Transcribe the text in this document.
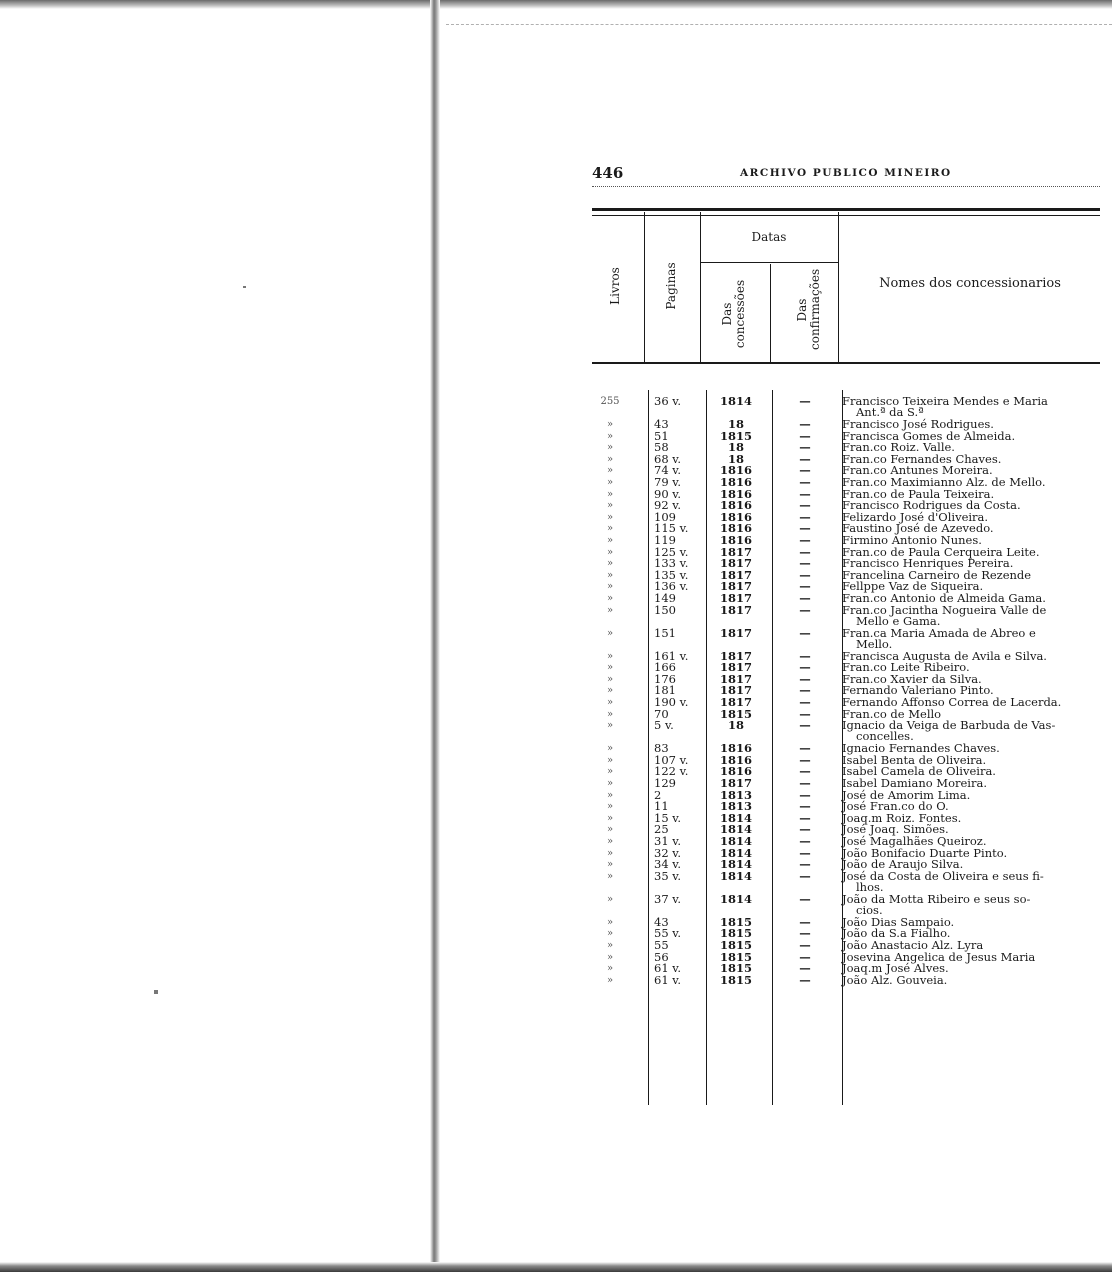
446	ARCHIVO PUBLICO MINEIRO
Livros	Paginas
Datas
Das concessões	Das confirmações	Nomes dos concessionarios
255	36 v.	1814	—	Francisco Teixeira Mendes e Maria
Ant.ª da S.ª
»	43	18	—	Francisco José Rodrigues.
»	51	1815	—	Francisca Gomes de Almeida.
»	58	18	—	Fran.co Roiz. Valle.
»	68 v.	18	—	Fran.co Fernandes Chaves.
»	74 v.	1816	—	Fran.co Antunes Moreira.
»	79 v.	1816	—	Fran.co Maximianno Alz. de Mello.
»	90 v.	1816	—	Fran.co de Paula Teixeira.
»	92 v.	1816	—	Francisco Rodrigues da Costa.
»	109	1816	—	Felizardo José d'Oliveira.
»	115 v.	1816	—	Faustino José de Azevedo.
»	119	1816	—	Firmino Antonio Nunes.
»	125 v.	1817	—	Fran.co de Paula Cerqueira Leite.
»	133 v.	1817	—	Francisco Henriques Pereira.
»	135 v.	1817	—	Francelina Carneiro de Rezende
»	136 v.	1817	—	Fellppe Vaz de Siqueira.
»	149	1817	—	Fran.co Antonio de Almeida Gama.
»	150	1817	—	Fran.co Jacintha Nogueira Valle de
Mello e Gama.
»	151	1817	—	Fran.ca Maria Amada de Abreo e
Mello.
»	161 v.	1817	—	Francisca Augusta de Avila e Silva.
»	166	1817	—	Fran.co Leite Ribeiro.
»	176	1817	—	Fran.co Xavier da Silva.
»	181	1817	—	Fernando Valeriano Pinto.
»	190 v.	1817	—	Fernando Affonso Correa de Lacerda.
»	70	1815	—	Fran.co de Mello
»	5 v.	18	—	Ignacio da Veiga de Barbuda de Vas-
concelles.
»	83	1816	—	Ignacio Fernandes Chaves.
»	107 v.	1816	—	Isabel Benta de Oliveira.
»	122 v.	1816	—	Isabel Camela de Oliveira.
»	129	1817	—	Isabel Damiano Moreira.
»	2	1813	—	José de Amorim Lima.
»	11	1813	—	José Fran.co do O.
»	15 v.	1814	—	Joaq.m Roiz. Fontes.
»	25	1814	—	José Joaq. Simões.
»	31 v.	1814	—	José Magalhães Queiroz.
»	32 v.	1814	—	João Bonifacio Duarte Pinto.
»	34 v.	1814	—	João de Araujo Silva.
»	35 v.	1814	—	José da Costa de Oliveira e seus fi-
lhos.
»	37 v.	1814	—	João da Motta Ribeiro e seus so-
cios.
»	43	1815	—	João Dias Sampaio.
»	55 v.	1815	—	João da S.a Fialho.
»	55	1815	—	João Anastacio Alz. Lyra
»	56	1815	—	Josevina Angelica de Jesus Maria
»	61 v.	1815	—	Joaq.m José Alves.
»	61 v.	1815	—	João Alz. Gouveia.
